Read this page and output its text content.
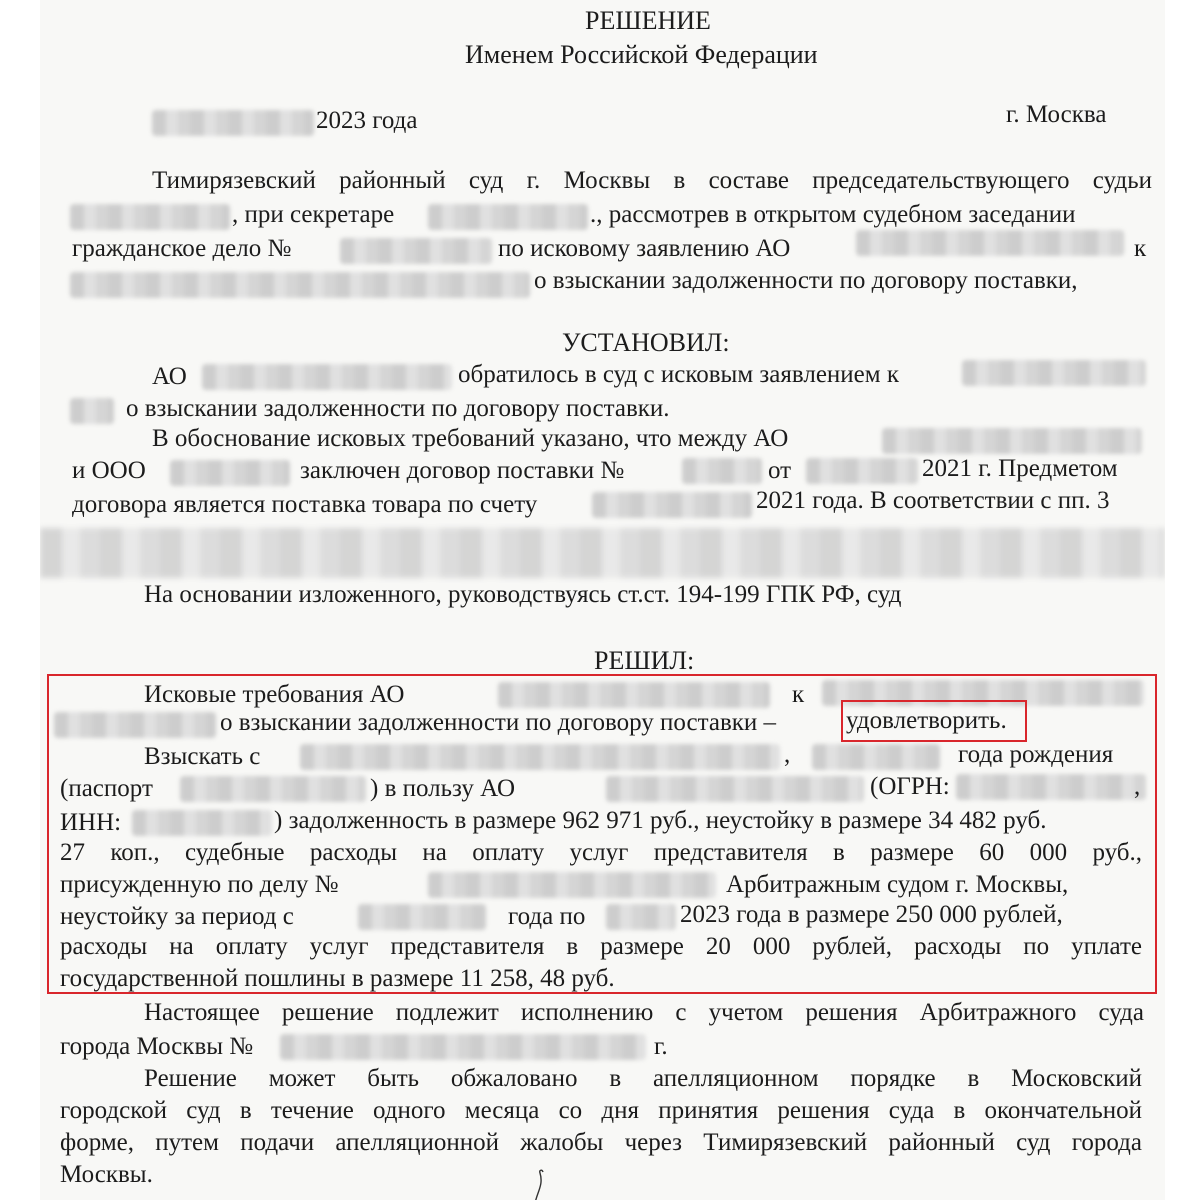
РЕШЕНИЕ
Именем Российской Федерации
2023 года	г. Москва
Тимирязевский районный суд г. Москвы в составе председательствующего судьи
, при секретаре	., рассмотрев в открытом судебном заседании
гражданское дело №	по исковому заявлению АО	к
о взыскании задолженности по договору поставки,
УСТАНОВИЛ:
АО	обратилось в суд с исковым заявлением к
о взыскании задолженности по договору поставки.
В обоснование исковых требований указано, что между АО
и ООО	заключен договор поставки №	от	2021 г. Предметом
договора является поставка товара по счету	2021 года. В соответствии с пп. 3
На основании изложенного, руководствуясь ст.ст. 194-199 ГПК РФ, суд
РЕШИЛ:
Исковые требования АО	к
о взыскании задолженности по договору поставки –	удовлетворить.
Взыскать с	,	года рождения
(паспорт	) в пользу АО	(ОГРН:	,
ИНН:	) задолженность в размере 962 971 руб., неустойку в размере 34 482 руб.
27 коп., судебные расходы на оплату услуг представителя в размере 60 000 руб.,
присужденную по делу №	Арбитражным судом г. Москвы,
неустойку за период с	года по	2023 года в размере 250 000 рублей,
расходы на оплату услуг представителя в размере 20 000 рублей, расходы по уплате
государственной пошлины в размере 11 258, 48 руб.
Настоящее решение подлежит исполнению с учетом решения Арбитражного суда
города Москвы №	г.
Решение может быть обжаловано в апелляционном порядке в Московский
городской суд в течение одного месяца со дня принятия решения суда в окончательной
форме, путем подачи апелляционной жалобы через Тимирязевский районный суд города
Москвы.
